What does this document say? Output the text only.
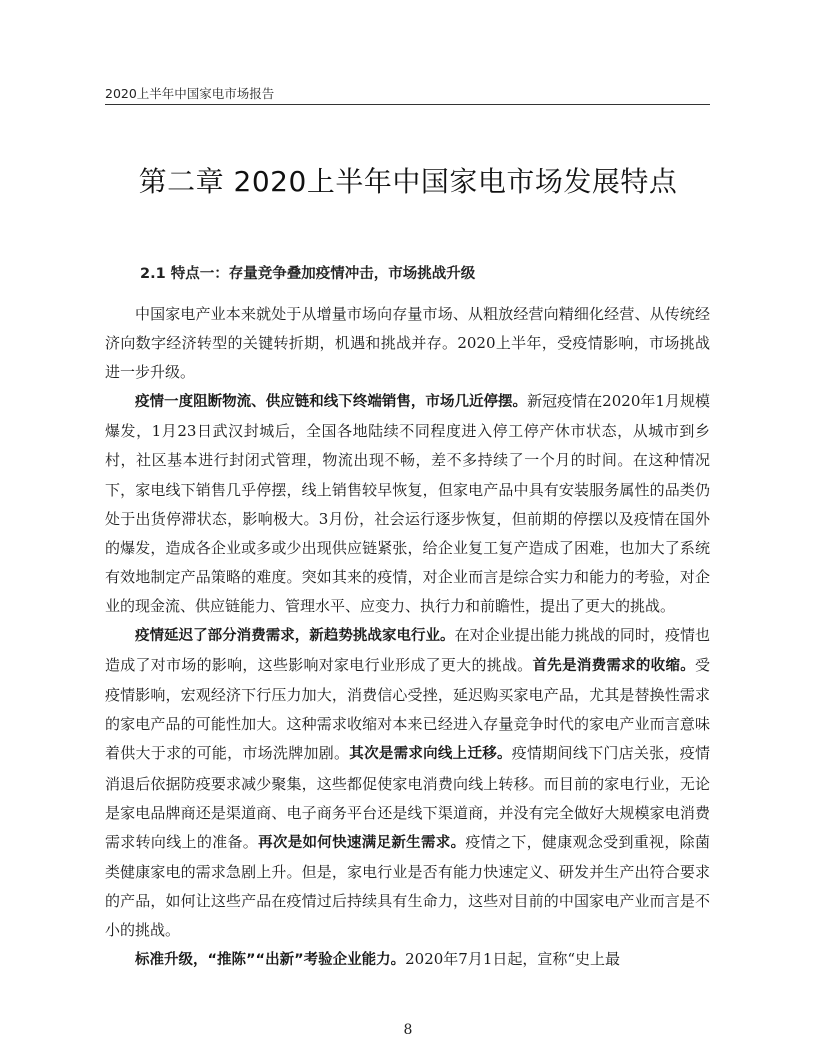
2020上半年中国家电市场报告
第二章 2020上半年中国家电市场发展特点
2.1 特点一：存量竞争叠加疫情冲击，市场挑战升级

中国家电产业本来就处于从增量市场向存量市场、从粗放经营向精细化经营、从传统经济向数字经济转型的关键转折期，机遇和挑战并存。2020上半年，受疫情影响，市场挑战进一步升级。

疫情一度阻断物流、供应链和线下终端销售，市场几近停摆。新冠疫情在2020年1月规模爆发，1月23日武汉封城后，全国各地陆续不同程度进入停工停产休市状态，从城市到乡村，社区基本进行封闭式管理，物流出现不畅，差不多持续了一个月的时间。在这种情况下，家电线下销售几乎停摆，线上销售较早恢复，但家电产品中具有安装服务属性的品类仍处于出货停滞状态，影响极大。3月份，社会运行逐步恢复，但前期的停摆以及疫情在国外的爆发，造成各企业或多或少出现供应链紧张，给企业复工复产造成了困难，也加大了系统有效地制定产品策略的难度。突如其来的疫情，对企业而言是综合实力和能力的考验，对企业的现金流、供应链能力、管理水平、应变力、执行力和前瞻性，提出了更大的挑战。

疫情延迟了部分消费需求，新趋势挑战家电行业。在对企业提出能力挑战的同时，疫情也造成了对市场的影响，这些影响对家电行业形成了更大的挑战。首先是消费需求的收缩。受疫情影响，宏观经济下行压力加大，消费信心受挫，延迟购买家电产品，尤其是替换性需求的家电产品的可能性加大。这种需求收缩对本来已经进入存量竞争时代的家电产业而言意味着供大于求的可能，市场洗牌加剧。其次是需求向线上迁移。疫情期间线下门店关张，疫情消退后依据防疫要求减少聚集，这些都促使家电消费向线上转移。而目前的家电行业，无论是家电品牌商还是渠道商、电子商务平台还是线下渠道商，并没有完全做好大规模家电消费需求转向线上的准备。再次是如何快速满足新生需求。疫情之下，健康观念受到重视，除菌类健康家电的需求急剧上升。但是，家电行业是否有能力快速定义、研发并生产出符合要求的产品，如何让这些产品在疫情过后持续具有生命力，这些对目前的中国家电产业而言是不小的挑战。

标准升级，“推陈”“出新”考验企业能力。2020年7月1日起，宣称“史上最

8
